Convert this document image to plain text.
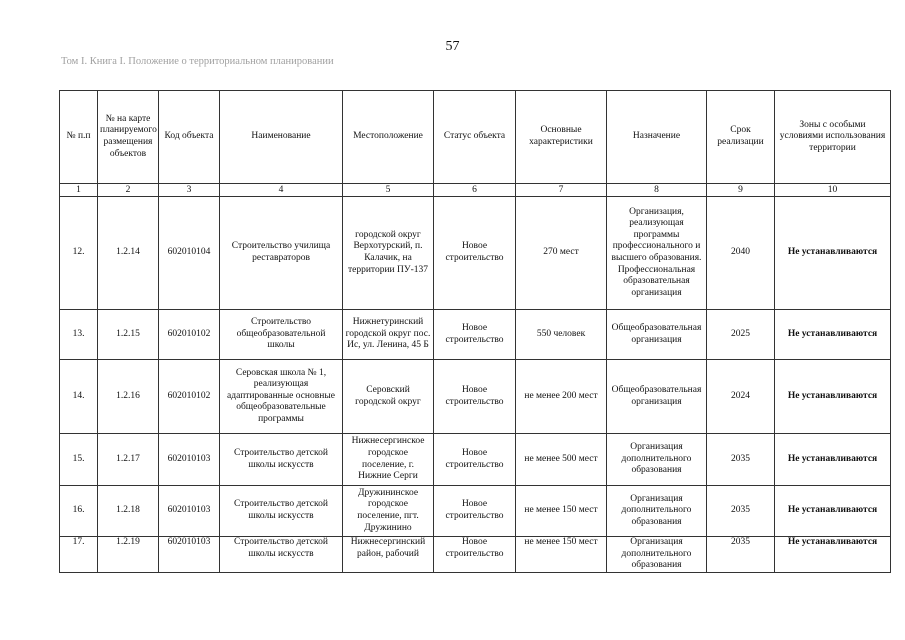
57
Том I. Книга I. Положение о территориальном планировании
№ п.п	№ на карте планируемого размещения объектов	Код объекта	Наименование	Местоположение	Статус объекта	Основные характеристики	Назначение	Срок реализации	Зоны с особыми условиями использования территории
1	2	3	4	5	6	7	8	9	10
12.	1.2.14	602010104	Строительство училища реставраторов	городской округ Верхотурский, п. Калачик, на территории ПУ-137	Новое строительство	270 мест	Организация, реализующая программы профессионального и высшего образования. Профессиональная образовательная организация	2040	Не устанавливаются
13.	1.2.15	602010102	Строительство общеобразовательной школы	Нижнетуринский городской округ пос. Ис, ул. Ленина, 45 Б	Новое строительство	550 человек	Общеобразовательная организация	2025	Не устанавливаются
14.	1.2.16	602010102	Серовская школа № 1, реализующая адаптированные основные общеобразовательные программы	Серовский городской округ	Новое строительство	не менее 200 мест	Общеобразовательная организация	2024	Не устанавливаются
15.	1.2.17	602010103	Строительство детской школы искусств	Нижнесергинское городское поселение, г. Нижние Серги	Новое строительство	не менее 500 мест	Организация дополнительного образования	2035	Не устанавливаются
16.	1.2.18	602010103	Строительство детской школы искусств	Дружининское городское поселение, пгт. Дружинино	Новое строительство	не менее 150 мест	Организация дополнительного образования	2035	Не устанавливаются
17.	1.2.19	602010103	Строительство детской школы искусств	Нижнесергинский район, рабочий	Новое строительство	не менее 150 мест	Организация дополнительного образования	2035	Не устанавливаются
